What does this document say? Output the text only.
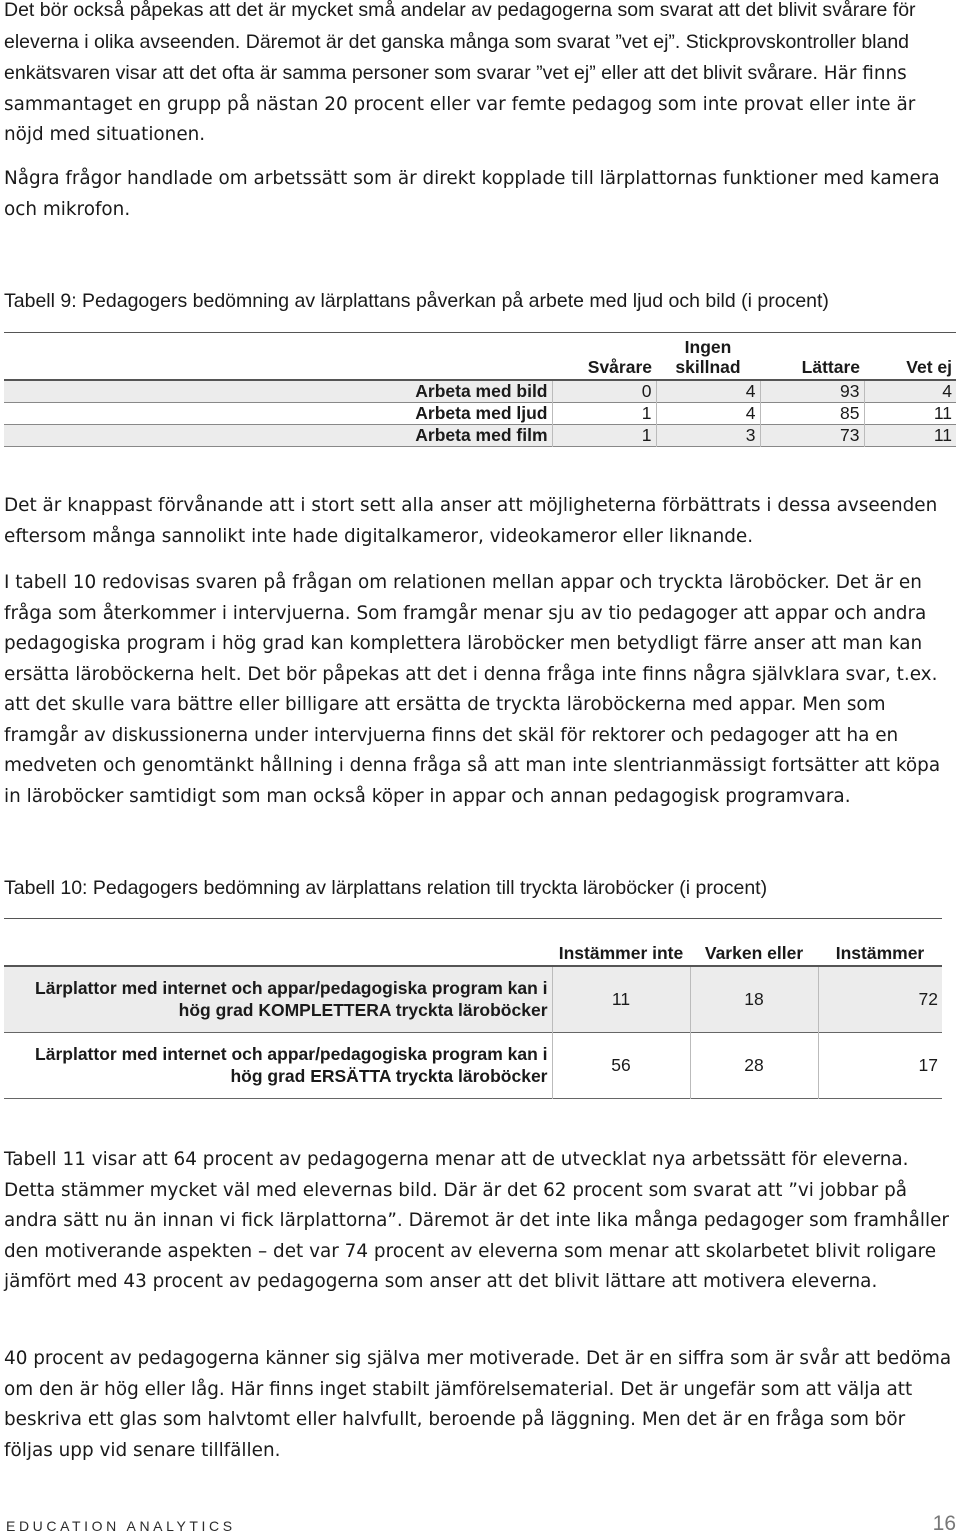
Det bör också påpekas att det är mycket små andelar av pedagogerna som svarat att det blivit svårare för eleverna i olika avseenden. Däremot är det ganska många som svarat ”vet ej”. Stickprovskontroller bland enkätsvaren visar att det ofta är samma personer som svarar ”vet ej” eller att det blivit svårare. Här finns sammantaget en grupp på nästan 20 procent eller var femte pedagog som inte provat eller inte är nöjd med situationen.

Några frågor handlade om arbetssätt som är direkt kopplade till lärplattornas funktioner med kamera och mikrofon.

Tabell 9: Pedagogers bedömning av lärplattans påverkan på arbete med ljud och bild (i procent)

	Svårare	Ingen skillnad	Lättare	Vet ej
Arbeta med bild	0	4	93	4
Arbeta med ljud	1	4	85	11
Arbeta med film	1	3	73	11

Det är knappast förvånande att i stort sett alla anser att möjligheterna förbättrats i dessa avseenden eftersom många sannolikt inte hade digitalkameror, videokameror eller liknande.

I tabell 10 redovisas svaren på frågan om relationen mellan appar och tryckta läroböcker. Det är en fråga som återkommer i intervjuerna. Som framgår menar sju av tio pedagoger att appar och andra pedagogiska program i hög grad kan komplettera läroböcker men betydligt färre anser att man kan ersätta läroböckerna helt. Det bör påpekas att det i denna fråga inte finns några självklara svar, t.ex. att det skulle vara bättre eller billigare att ersätta de tryckta läroböckerna med appar. Men som framgår av diskussionerna under intervjuerna finns det skäl för rektorer och pedagoger att ha en medveten och genomtänkt hållning i denna fråga så att man inte slentrianmässigt fortsätter att köpa in läroböcker samtidigt som man också köper in appar och annan pedagogisk programvara.

Tabell 10: Pedagogers bedömning av lärplattans relation till tryckta läroböcker (i procent)

	Instämmer inte	Varken eller	Instämmer
Lärplattor med internet och appar/pedagogiska program kan i hög grad KOMPLETTERA tryckta läroböcker	11	18	72
Lärplattor med internet och appar/pedagogiska program kan i hög grad ERSÄTTA tryckta läroböcker	56	28	17

Tabell 11 visar att 64 procent av pedagogerna menar att de utvecklat nya arbetssätt för eleverna. Detta stämmer mycket väl med elevernas bild. Där är det 62 procent som svarat att ”vi jobbar på andra sätt nu än innan vi fick lärplattorna”. Däremot är det inte lika många pedagoger som framhåller den motiverande aspekten – det var 74 procent av eleverna som menar att skolarbetet blivit roligare jämfört med 43 procent av pedagogerna som anser att det blivit lättare att motivera eleverna.

40 procent av pedagogerna känner sig själva mer motiverade. Det är en siffra som är svår att bedöma om den är hög eller låg. Här finns inget stabilt jämförelsematerial. Det är ungefär som att välja att beskriva ett glas som halvtomt eller halvfullt, beroende på läggning. Men det är en fråga som bör följas upp vid senare tillfällen.

EDUCATION ANALYTICS	16
